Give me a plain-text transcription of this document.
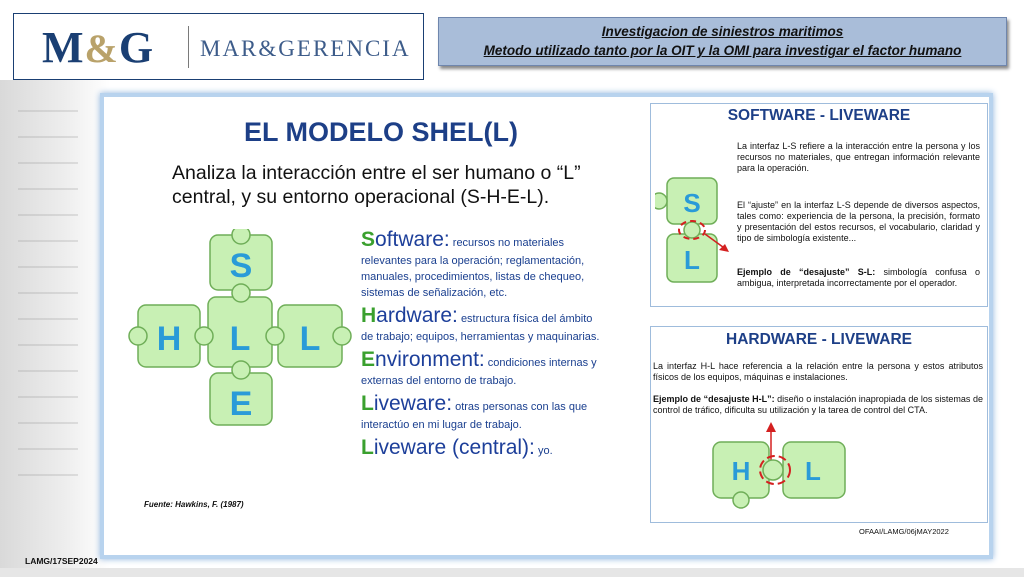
M&G MAR&GERENCIA
Investigacion de siniestros maritimos
Metodo utilizado tanto por la OIT y la OMI para investigar el factor humano
EL MODELO SHEL(L)
Analiza la interacción entre el ser humano o “L” central, y su entorno operacional (S-H-E-L).
S
H L L
E

Software: recursos no materiales relevantes para la operación; reglamentación, manuales, procedimientos, listas de chequeo, sistemas de señalización, etc.

Hardware: estructura física del ámbito de trabajo; equipos, herramientas y maquinarias.

Environment: condiciones internas y externas del entorno de trabajo.

Liveware: otras personas con las que interactúo en mi lugar de trabajo.

Liveware (central): yo.

Fuente: Hawkins, F. (1987)
SOFTWARE - LIVEWARE
S
L
La interfaz L-S refiere a la interacción entre la persona y los recursos no materiales, que entregan información relevante para la operación.
El “ajuste” en la interfaz L-S depende de diversos aspectos, tales como: experiencia de la persona, la precisión, formato y presentación del estos recursos, el vocabulario, claridad y tipo de simbología existente...
Ejemplo de “desajuste” S-L: simbología confusa o ambigua, interpretada incorrectamente por el operador.
HARDWARE - LIVEWARE
La interfaz H-L hace referencia a la relación entre la persona y estos atributos físicos de los equipos, máquinas e instalaciones.
Ejemplo de “desajuste H-L”: diseño o instalación inapropiada de los sistemas de control de tráfico, dificulta su utilización y la tarea de control del CTA.
H L
OFAAI/LAMG/06jMAY2022
LAMG/17SEP2024
